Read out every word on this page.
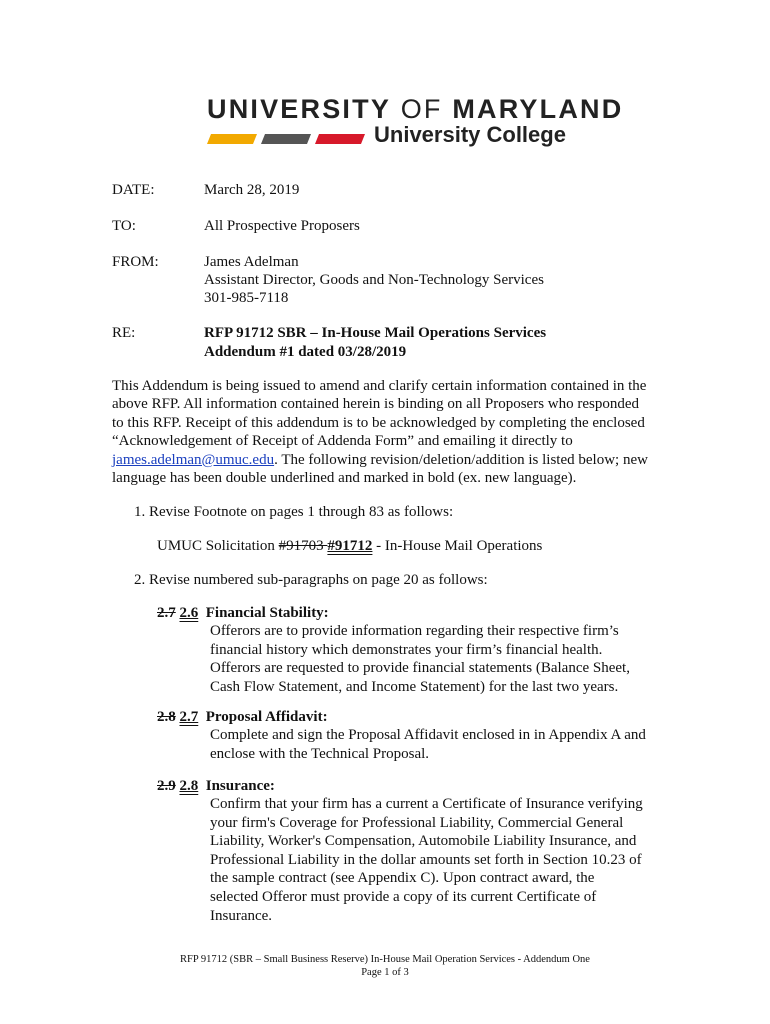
UNIVERSITY OF MARYLAND
University College
DATE:	March 28, 2019
TO:	All Prospective Proposers
FROM:	James Adelman
Assistant Director, Goods and Non-Technology Services
301-985-7118
RE:	RFP 91712 SBR – In-House Mail Operations Services
Addendum #1 dated 03/28/2019

This Addendum is being issued to amend and clarify certain information contained in the

above RFP. All information contained herein is binding on all Proposers who responded

to this RFP. Receipt of this addendum is to be acknowledged by completing the enclosed

“Acknowledgement of Receipt of Addenda Form” and emailing it directly to

james.adelman@umuc.edu. The following revision/deletion/addition is listed below; new

language has been double underlined and marked in bold (ex. new language).

1. Revise Footnote on pages 1 through 83 as follows:
UMUC Solicitation #91703 #91712 - In-House Mail Operations
2. Revise numbered sub-paragraphs on page 20 as follows:
2.7 2.6 Financial Stability:

Offerors are to provide information regarding their respective firm’s

financial history which demonstrates your firm’s financial health.

Offerors are requested to provide financial statements (Balance Sheet,

Cash Flow Statement, and Income Statement) for the last two years.

2.8 2.7 Proposal Affidavit:

Complete and sign the Proposal Affidavit enclosed in in Appendix A and

enclose with the Technical Proposal.

2.9 2.8 Insurance:

Confirm that your firm has a current a Certificate of Insurance verifying

your firm's Coverage for Professional Liability, Commercial General

Liability, Worker's Compensation, Automobile Liability Insurance, and

Professional Liability in the dollar amounts set forth in Section 10.23 of

the sample contract (see Appendix C). Upon contract award, the

selected Offeror must provide a copy of its current Certificate of

Insurance.

RFP 91712 (SBR – Small Business Reserve) In-House Mail Operation Services - Addendum One
Page 1 of 3
